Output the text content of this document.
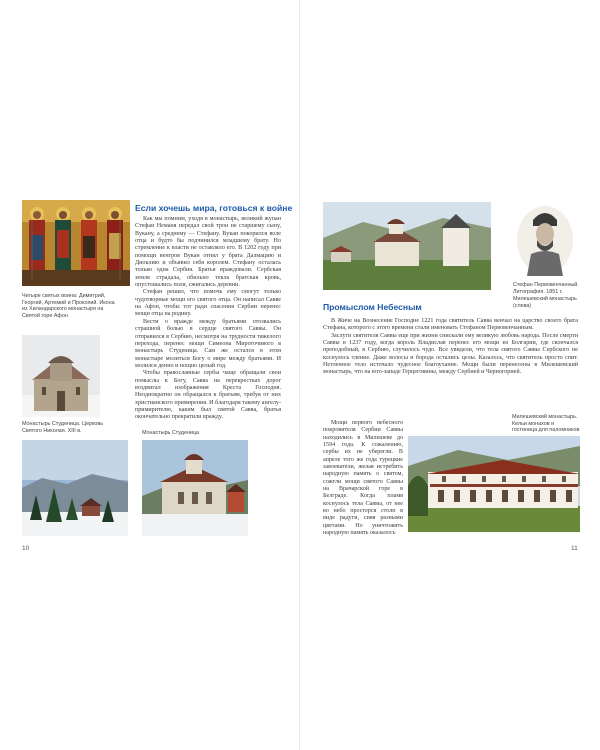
Четыре святых воина: Димитрий, Георгий, Артемий и Прокопий. Икона из Хиландарского монастыря на Святой горе Афон
Монастырь Студеница. Церковь Святого Николая. XIII в.	Монастырь Студеница
Если хочешь мира, готовься к войне

Как мы помним, уходя в монастырь, великий жупан Стефан Неманя передал свой трон не старшему сыну, Вукану, а среднему — Стефану. Вукан покорился воле отца и будто бы подчинился младшему брату. Но стремление к власти не оставляло его. В 1202 году при помощи венгров Вукан отнял у брата Далмацию и Диоклию и объявил себя королем. Стефану осталась только одна Сербия. Братья враждовали. Сербская земля страдала, обильно текла братская кровь, опустошались поля, сжигались деревни.

Стефан решил, что помочь ему смогут только чудотворные мощи его святого отца. Он написал Савве на Афон, чтобы тот ради спасения Сербии перенес мощи отца на родину.

Вести о вражде между братьями отозвались страшной болью в сердце святого Саввы. Он отправился в Сербию, несмотря на трудности тяжелого перехода, перенес мощи Симеона Мироточивого в монастырь Студеница. Сам же остался в этом монастыре молиться Богу о мире между братьями. И молился денно и нощно целый год.

Чтобы православные сербы чаще обращали свои помыслы к Богу, Савва на перекрестках дорог воздвигал изображения Креста Господня. Неоднократно он обращался к братьям, требуя от них христианского примирения. И благодаря такому ангелу-примирителю, каким был святой Савва, братья окончательно прекратили вражду.

10
Стефан Первовенчанный. Литография. 1851 г.
Милешевский монастырь (слева)
Промыслом Небесным

В Жиче на Вознесение Господне 1221 года святитель Савва венчал на царство своего брата Стефана, которого с этого времени стали именовать Стефаном Первовенчанным.

Заслуги святителя Саввы еще при жизни снискали ему великую любовь народа. После смерти Саввы в 1237 году, когда король Владислав перенес его мощи из Болгарии, где скончался преподобный, в Сербию, случилось чудо. Все увидели, что тела святого Саввы Сербского не коснулось тление. Даже волосы и борода остались целы. Казалось, что святитель просто спит. Нетленное тело источало чудесное благоухание. Мощи были перенесены в Милешевский монастырь, что на юго-западе Герцеговины, между Сербией и Черногорией.

Мощи первого небесного покровителя Сербии Саввы находились в Милешеве до 1594 года. К сожалению, сербы их не уберегли. В апреле того же года турецкие завоеватели, желая истребить народную память о святом, сожгли мощи святого Саввы на Врачарской горе в Белграде. Когда пламя коснулось тела Саввы, от нее во небо простерся столп в виде радуги, сияя разными цветами. Но уничтожить народную память оказалось

Милешевский монастырь. Кельи монахов и гостиница для паломников
11
